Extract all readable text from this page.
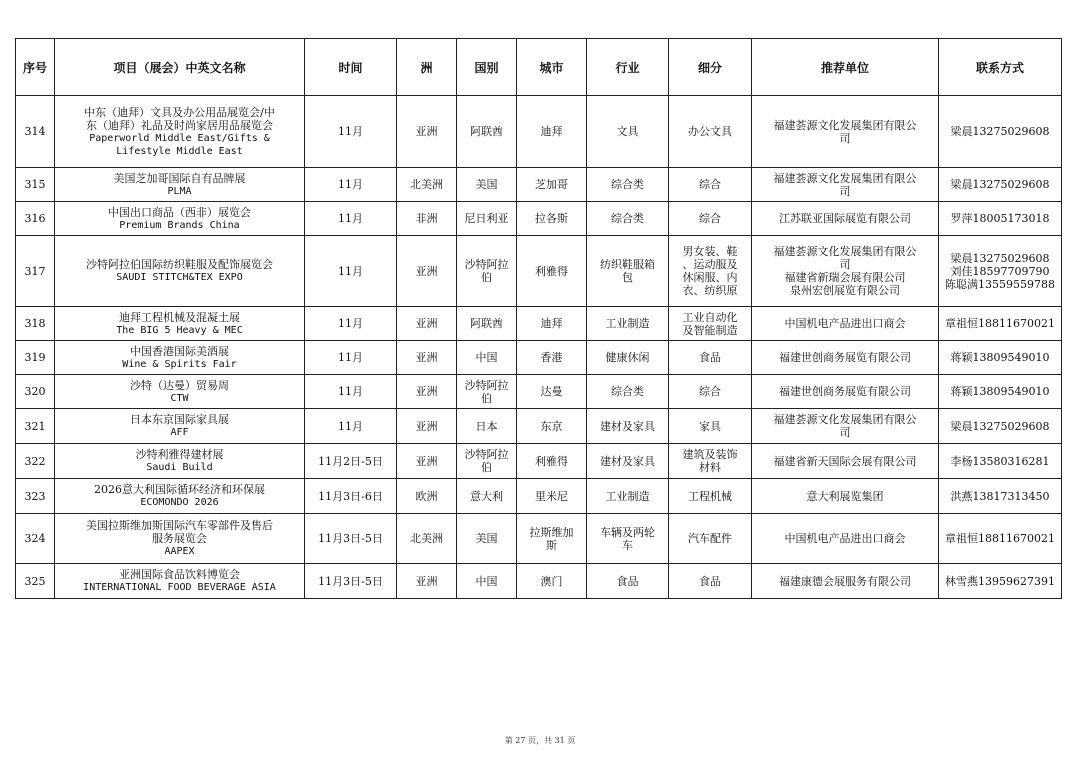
序号	项目（展会）中英文名称	时间	洲	国别	城市	行业	细分	推荐单位	联系方式
314	中东（迪拜）文具及办公用品展览会/中
东（迪拜）礼品及时尚家居用品展览会
Paperworld Middle East/Gifts &
Lifestyle Middle East	11月	亚洲	阿联酋	迪拜	文具	办公文具	福建荟源文化发展集团有限公
司	梁晨13275029608

315	美国芝加哥国际自有品牌展
PLMA	11月	北美洲	美国	芝加哥	综合类	综合	福建荟源文化发展集团有限公
司	梁晨13275029608

316	中国出口商品（西非）展览会
Premium Brands China	11月	非洲	尼日利亚	拉各斯	综合类	综合	江苏联亚国际展览有限公司	罗萍18005173018

317	沙特阿拉伯国际纺织鞋服及配饰展览会
SAUDI STITCH&TEX EXPO	11月	亚洲	沙特阿拉
伯	利雅得	纺织鞋服箱
包	男女装、鞋
、运动服及
休闲服、内
衣、纺织原	福建荟源文化发展集团有限公
司
福建省新瑞会展有限公司
泉州宏创展览有限公司	梁晨13275029608
刘佳18597709790
陈聪满13559559788

318	迪拜工程机械及混凝土展
The BIG 5 Heavy & MEC	11月	亚洲	阿联酋	迪拜	工业制造	工业自动化
及智能制造	中国机电产品进出口商会	章祖恒18811670021

319	中国香港国际美酒展
Wine & Spirits Fair	11月	亚洲	中国	香港	健康休闲	食品	福建世创商务展览有限公司	蒋颖13809549010

320	沙特（达曼）贸易周
CTW	11月	亚洲	沙特阿拉
伯	达曼	综合类	综合	福建世创商务展览有限公司	蒋颖13809549010

321	日本东京国际家具展
AFF	11月	亚洲	日本	东京	建材及家具	家具	福建荟源文化发展集团有限公
司	梁晨13275029608

322	沙特利雅得建材展
Saudi Build	11月2日-5日	亚洲	沙特阿拉
伯	利雅得	建材及家具	建筑及装饰
材料	福建省新天国际会展有限公司	李杨13580316281

323	2026意大利国际循环经济和环保展
ECOMONDO 2026	11月3日-6日	欧洲	意大利	里米尼	工业制造	工程机械	意大利展览集团	洪燕13817313450

324	美国拉斯维加斯国际汽车零部件及售后
服务展览会
AAPEX	11月3日-5日	北美洲	美国	拉斯维加
斯	车辆及两轮
车	汽车配件	中国机电产品进出口商会	章祖恒18811670021

325	亚洲国际食品饮料博览会
INTERNATIONAL FOOD BEVERAGE ASIA	11月3日-5日	亚洲	中国	澳门	食品	食品	福建康德会展服务有限公司	林雪燕13959627391
第 27 页，共 31 页
